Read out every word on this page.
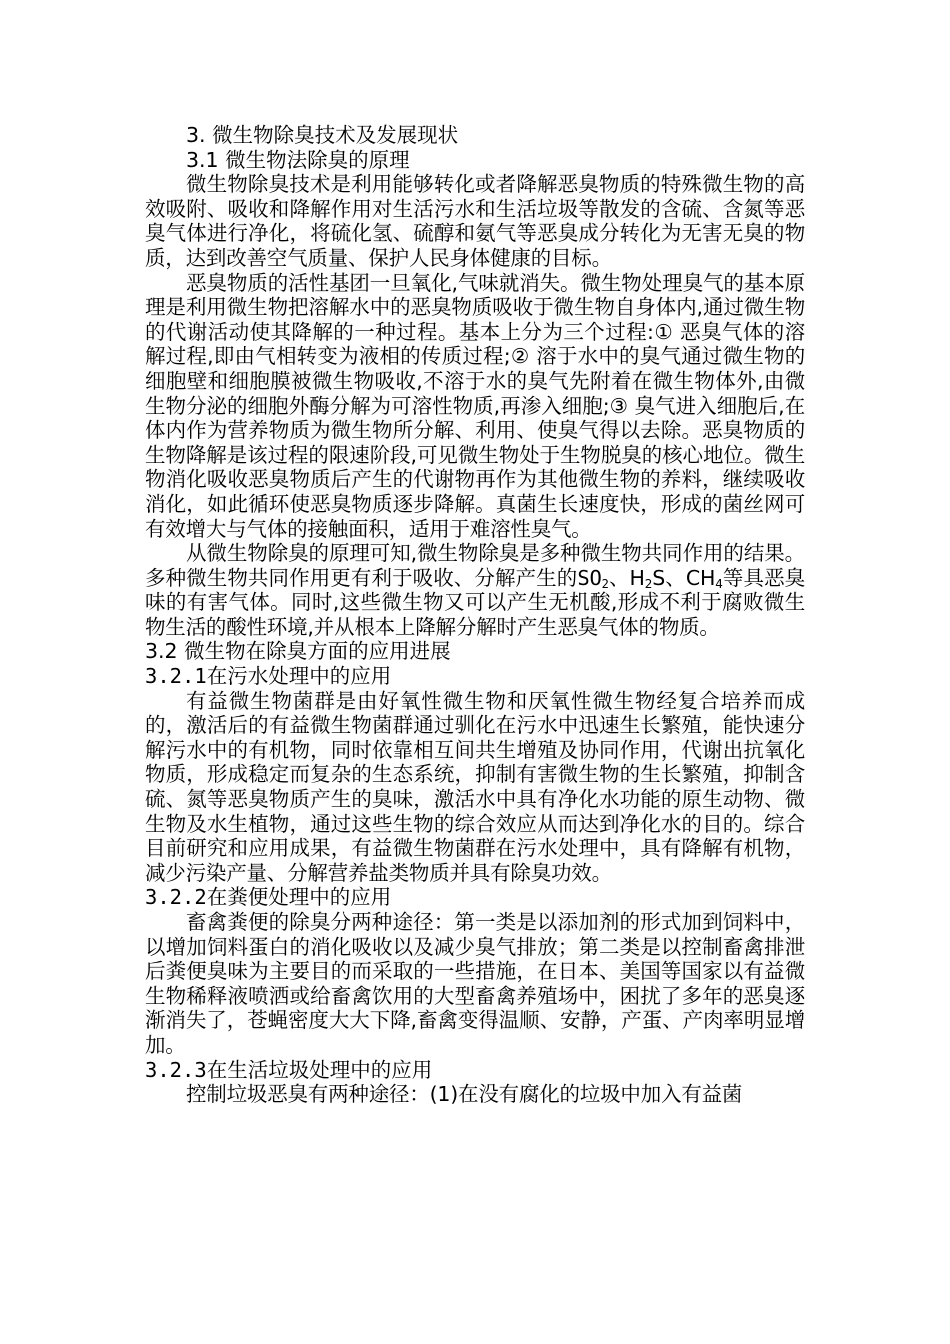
3. 微生物除臭技术及发展现状

3.1 微生物法除臭的原理

微生物除臭技术是利用能够转化或者降解恶臭物质的特殊微生物的高效吸附、吸收和降解作用对生活污水和生活垃圾等散发的含硫、含氮等恶臭气体进行净化，将硫化氢、硫醇和氨气等恶臭成分转化为无害无臭的物质，达到改善空气质量、保护人民身体健康的目标。

恶臭物质的活性基团一旦氧化,气味就消失。微生物处理臭气的基本原理是利用微生物把溶解水中的恶臭物质吸收于微生物自身体内,通过微生物的代谢活动使其降解的一种过程。基本上分为三个过程:① 恶臭气体的溶解过程,即由气相转变为液相的传质过程;② 溶于水中的臭气通过微生物的细胞壁和细胞膜被微生物吸收,不溶于水的臭气先附着在微生物体外,由微生物分泌的细胞外酶分解为可溶性物质,再渗入细胞;③ 臭气进入细胞后,在体内作为营养物质为微生物所分解、利用、使臭气得以去除。恶臭物质的生物降解是该过程的限速阶段,可见微生物处于生物脱臭的核心地位。微生物消化吸收恶臭物质后产生的代谢物再作为其他微生物的养料，继续吸收消化，如此循环使恶臭物质逐步降解。真菌生长速度快，形成的菌丝网可有效增大与气体的接触面积，适用于难溶性臭气。

从微生物除臭的原理可知,微生物除臭是多种微生物共同作用的结果。多种微生物共同作用更有利于吸收、分解产生的$SO_2$、$H_2S$、$CH_4$等具恶臭味的有害气体。同时,这些微生物又可以产生无机酸,形成不利于腐败微生物生活的酸性环境,并从根本上降解分解时产生恶臭气体的物质。

3.2 微生物在除臭方面的应用进展

3.2.1在污水处理中的应用

有益微生物菌群是由好氧性微生物和厌氧性微生物经复合培养而成的，激活后的有益微生物菌群通过驯化在污水中迅速生长繁殖，能快速分解污水中的有机物，同时依靠相互间共生增殖及协同作用，代谢出抗氧化物质，形成稳定而复杂的生态系统，抑制有害微生物的生长繁殖，抑制含硫、氮等恶臭物质产生的臭味，激活水中具有净化水功能的原生动物、微生物及水生植物，通过这些生物的综合效应从而达到净化水的目的。综合目前研究和应用成果，有益微生物菌群在污水处理中，具有降解有机物，减少污染产量、分解营养盐类物质并具有除臭功效。

3.2.2在粪便处理中的应用

畜禽粪便的除臭分两种途径：第一类是以添加剂的形式加到饲料中，以增加饲料蛋白的消化吸收以及减少臭气排放；第二类是以控制畜禽排泄后粪便臭味为主要目的而采取的一些措施，在日本、美国等国家以有益微生物稀释液喷洒或给畜禽饮用的大型畜禽养殖场中，困扰了多年的恶臭逐渐消失了，苍蝇密度大大下降,畜禽变得温顺、安静，产蛋、产肉率明显增加。

3.2.3在生活垃圾处理中的应用

控制垃圾恶臭有两种途径：(1)在没有腐化的垃圾中加入有益菌
